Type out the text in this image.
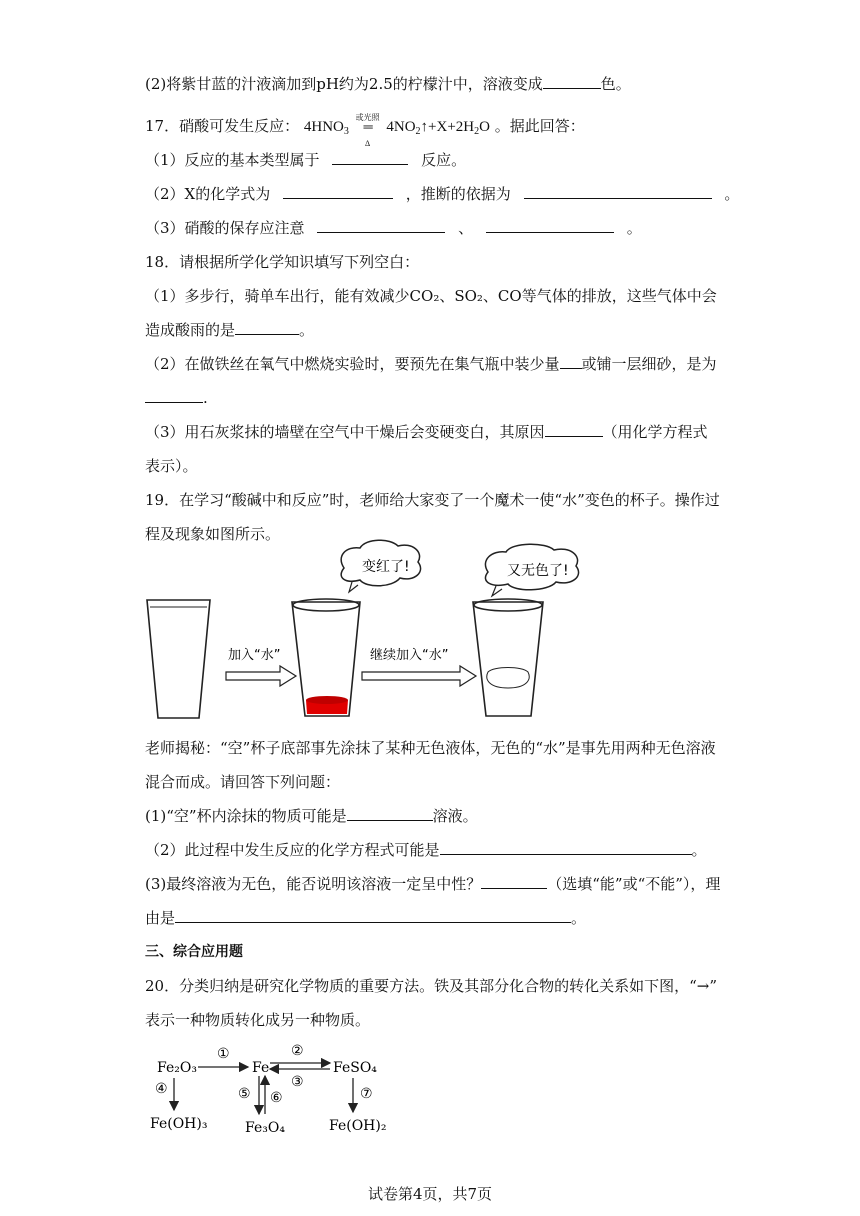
(2)将紫甘蓝的汁液滴加到pH约为2.5的柠檬汁中，溶液变成	色。
17．硝酸可发生反应： $4HNO_3$
或光照
═
Δ
$4NO_2↑+X+2H_2O$ 。据此回答：
（1）反应的基本类型属于	反应。
（2）X的化学式为	，推断的依据为	。
（3）硝酸的保存应注意	、	。
18．请根据所学化学知识填写下列空白：
（1）多步行，骑单车出行，能有效减少CO₂、SO₂、CO等气体的排放，这些气体中会
造成酸雨的是	。
（2）在做铁丝在氧气中燃烧实验时，要预先在集气瓶中装少量 或铺一层细砂，是为
.
（3）用石灰浆抹的墙壁在空气中干燥后会变硬变白，其原因	（用化学方程式
表示）。
19．在学习“酸碱中和反应”时，老师给大家变了一个魔术一使“水”变色的杯子。操作过
程及现象如图所示。
加入“水”
变红了!
继续加入“水”
又无色了!
老师揭秘：“空”杯子底部事先涂抹了某种无色液体，无色的“水”是事先用两种无色溶液
混合而成。请回答下列问题：
(1)“空”杯内涂抹的物质可能是	溶液。
（2）此过程中发生反应的化学方程式可能是	。
(3)最终溶液为无色，能否说明该溶液一定呈中性？	（选填“能”或“不能”），理
由是	。
三、综合应用题
20．分类归纳是研究化学物质的重要方法。铁及其部分化合物的转化关系如下图，“→”
表示一种物质转化成另一种物质。
Fe₂O₃	Fe	FeSO₄
Fe(OH)₃	Fe₃O₄	Fe(OH)₂
①	②
③
④	⑤ ⑥	⑦
试卷第4页，共7页
